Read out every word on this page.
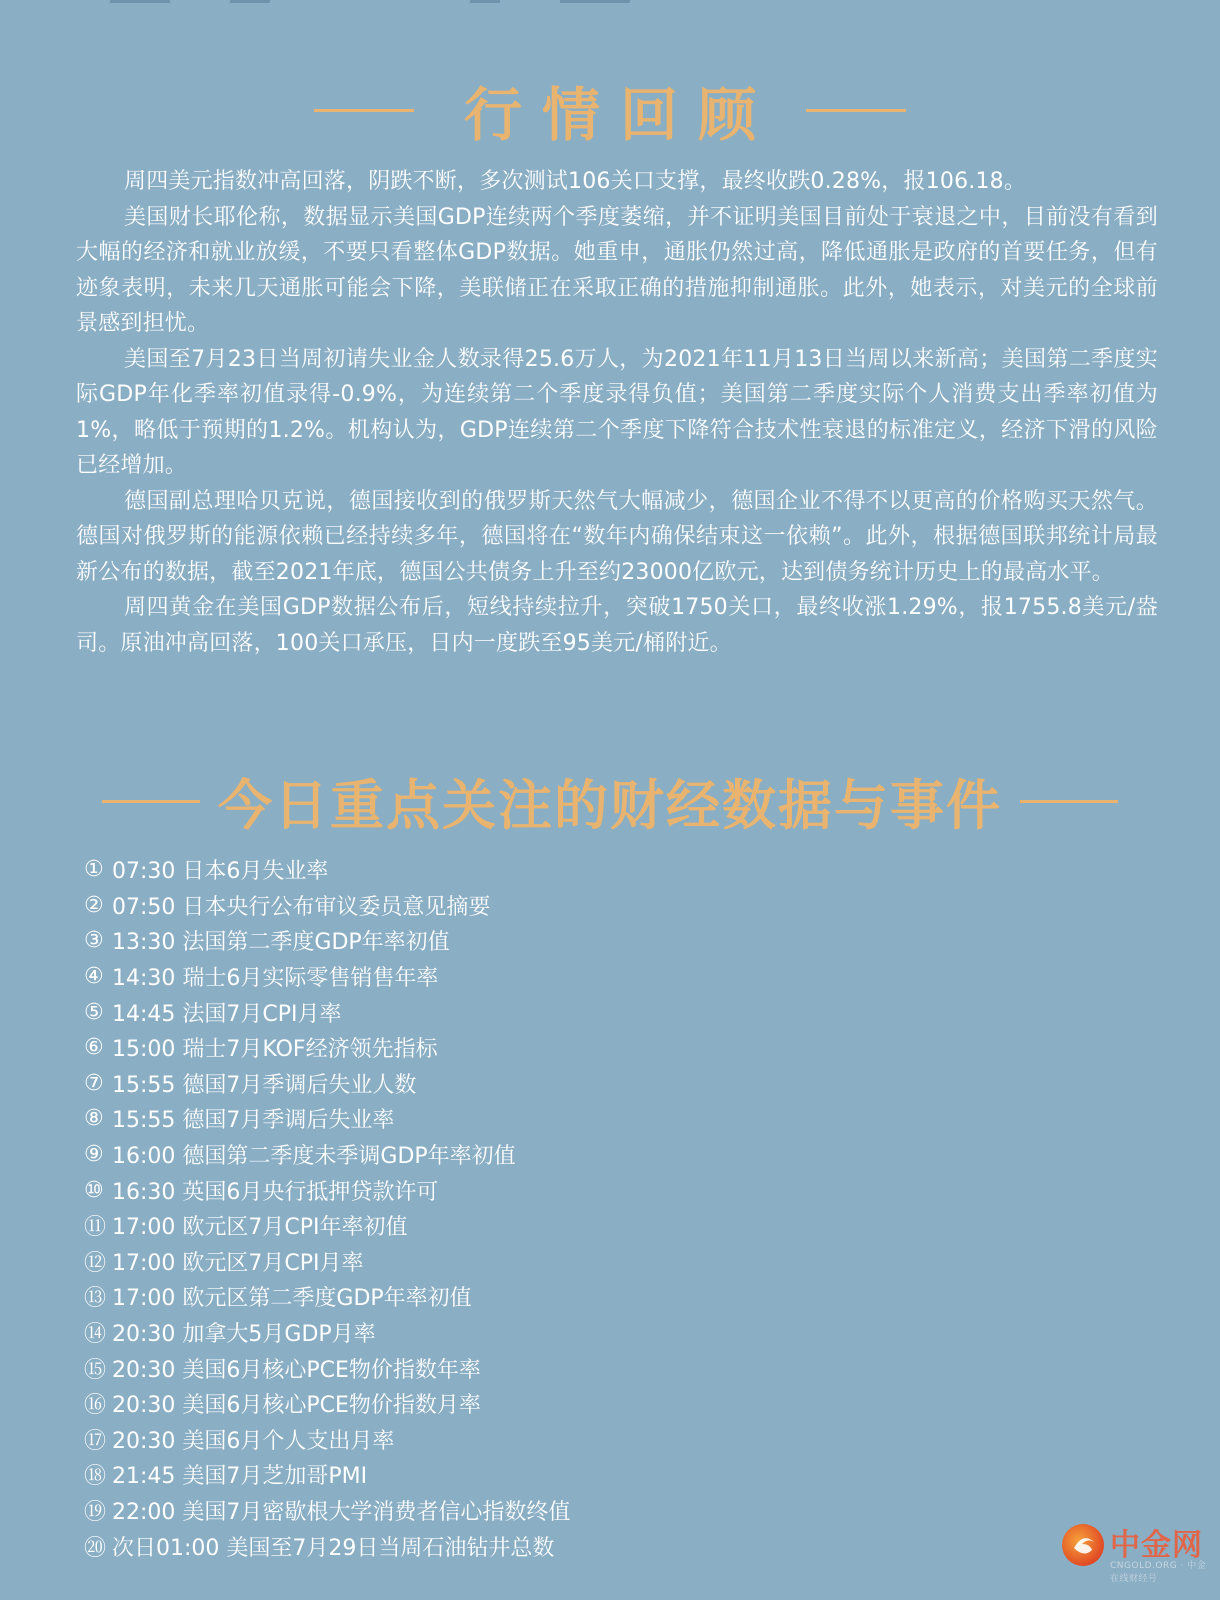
行情回顾

周四美元指数冲高回落，阴跌不断，多次测试106关口支撑，最终收跌0.28%，报106.18。

美国财长耶伦称，数据显示美国GDP连续两个季度萎缩，并不证明美国目前处于衰退之中，目前没有看到大幅的经济和就业放缓，不要只看整体GDP数据。她重申，通胀仍然过高，降低通胀是政府的首要任务，但有迹象表明，未来几天通胀可能会下降，美联储正在采取正确的措施抑制通胀。此外，她表示，对美元的全球前景感到担忧。

美国至7月23日当周初请失业金人数录得25.6万人，为2021年11月13日当周以来新高；美国第二季度实际GDP年化季率初值录得-0.9%，为连续第二个季度录得负值；美国第二季度实际个人消费支出季率初值为1%，略低于预期的1.2%。机构认为，GDP连续第二个季度下降符合技术性衰退的标准定义，经济下滑的风险已经增加。

德国副总理哈贝克说，德国接收到的俄罗斯天然气大幅减少，德国企业不得不以更高的价格购买天然气。德国对俄罗斯的能源依赖已经持续多年，德国将在“数年内确保结束这一依赖”。此外，根据德国联邦统计局最新公布的数据，截至2021年底，德国公共债务上升至约23000亿欧元，达到债务统计历史上的最高水平。

周四黄金在美国GDP数据公布后，短线持续拉升，突破1750关口，最终收涨1.29%，报1755.8美元/盎司。原油冲高回落，100关口承压，日内一度跌至95美元/桶附近。

今日重点关注的财经数据与事件
① 07:30 日本6月失业率
② 07:50 日本央行公布审议委员意见摘要
③ 13:30 法国第二季度GDP年率初值
④ 14:30 瑞士6月实际零售销售年率
⑤ 14:45 法国7月CPI月率
⑥ 15:00 瑞士7月KOF经济领先指标
⑦ 15:55 德国7月季调后失业人数
⑧ 15:55 德国7月季调后失业率
⑨ 16:00 德国第二季度未季调GDP年率初值
⑩ 16:30 英国6月央行抵押贷款许可
⑪ 17:00 欧元区7月CPI年率初值
⑫ 17:00 欧元区7月CPI月率
⑬ 17:00 欧元区第二季度GDP年率初值
⑭ 20:30 加拿大5月GDP月率
⑮ 20:30 美国6月核心PCE物价指数年率
⑯ 20:30 美国6月核心PCE物价指数月率
⑰ 20:30 美国6月个人支出月率
⑱ 21:45 美国7月芝加哥PMI
⑲ 22:00 美国7月密歇根大学消费者信心指数终值
⑳ 次日01:00 美国至7月29日当周石油钻井总数	中金网
CNGOLD.ORG · 中金在线财经号
